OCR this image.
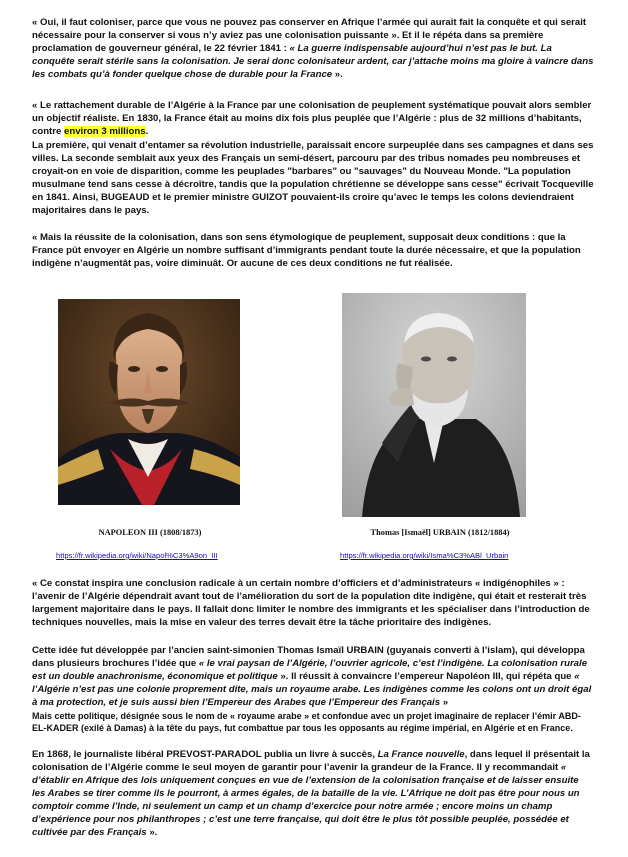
« Oui, il faut coloniser, parce que vous ne pouvez pas conserver en Afrique l’armée qui aurait fait la conquête et qui serait nécessaire pour la conserver si vous n’y aviez pas une colonisation puissante ». Et il le répéta dans sa première proclamation de gouverneur général, le 22 février 1841 : « La guerre indispensable aujourd’hui n’est pas le but. La conquête serait stérile sans la colonisation. Je serai donc colonisateur ardent, car j’attache moins ma gloire à vaincre dans les combats qu’à fonder quelque chose de durable pour la France ».

« Le rattachement durable de l’Algérie à la France par une colonisation de peuplement systématique pouvait alors sembler un objectif réaliste. En 1830, la France était au moins dix fois plus peuplée que l’Algérie : plus de 32 millions d’habitants, contre environ 3 millions.

La première, qui venait d’entamer sa révolution industrielle, paraissait encore surpeuplée dans ses campagnes et dans ses villes. La seconde semblait aux yeux des Français un semi-désert, parcouru par des tribus nomades peu nombreuses et croyait-on en voie de disparition, comme les peuplades "barbares" ou "sauvages" du Nouveau Monde. "La population musulmane tend sans cesse à décroître, tandis que la population chrétienne se développe sans cesse" écrivait Tocqueville en 1841. Ainsi, BUGEAUD et le premier ministre GUIZOT pouvaient-ils croire qu’avec le temps les colons deviendraient majoritaires dans le pays.

« Mais la réussite de la colonisation, dans son sens étymologique de peuplement, supposait deux conditions : que la France pût envoyer en Algérie un nombre suffisant d’immigrants pendant toute la durée nécessaire, et que la population indigène n’augmentât pas, voire diminuât. Or aucune de ces deux conditions ne fut réalisée.

NAPOLEON III (1808/1873)

https://fr.wikipedia.org/wiki/Napol%C3%A9on_III

Thomas [Ismaël] URBAIN (1812/1884)

https://fr.wikipedia.org/wiki/Isma%C3%ABl_Urbain

« Ce constat inspira une conclusion radicale à un certain nombre d’officiers et d’administrateurs « indigénophiles » : l’avenir de l’Algérie dépendrait avant tout de l’amélioration du sort de la population dite indigène, qui était et resterait très largement majoritaire dans le pays. Il fallait donc limiter le nombre des immigrants et les spécialiser dans l’introduction de techniques nouvelles, mais la mise en valeur des terres devait être la tâche prioritaire des indigènes.

Cette idée fut développée par l’ancien saint-simonien Thomas Ismaïl URBAIN (guyanais converti à l’islam), qui développa dans plusieurs brochures l’idée que « le vrai paysan de l’Algérie, l’ouvrier agricole, c’est l’indigène. La colonisation rurale est un double anachronisme, économique et politique ». Il réussit à convaincre l’empereur Napoléon III, qui répéta que « l’Algérie n’est pas une colonie proprement dite, mais un royaume arabe. Les indigènes comme les colons ont un droit égal à ma protection, et je suis aussi bien l’Empereur des Arabes que l’Empereur des Français »

Mais cette politique, désignée sous le nom de « royaume arabe » et confondue avec un projet imaginaire de replacer l’émir ABD-EL-KADER (exilé à Damas) à la tête du pays, fut combattue par tous les opposants au régime impérial, en Algérie et en France.

En 1868, le journaliste libéral PREVOST-PARADOL publia un livre à succès, La France nouvelle, dans lequel il présentait la colonisation de l’Algérie comme le seul moyen de garantir pour l’avenir la grandeur de la France. Il y recommandait « d’établir en Afrique des lois uniquement conçues en vue de l’extension de la colonisation française et de laisser ensuite les Arabes se tirer comme ils le pourront, à armes égales, de la bataille de la vie. L’Afrique ne doit pas être pour nous un comptoir comme l’Inde, ni seulement un camp et un champ d’exercice pour notre armée ; encore moins un champ d’expérience pour nos philanthropes ; c’est une terre française, qui doit être le plus tôt possible peuplée, possédée et cultivée par des Français ».
